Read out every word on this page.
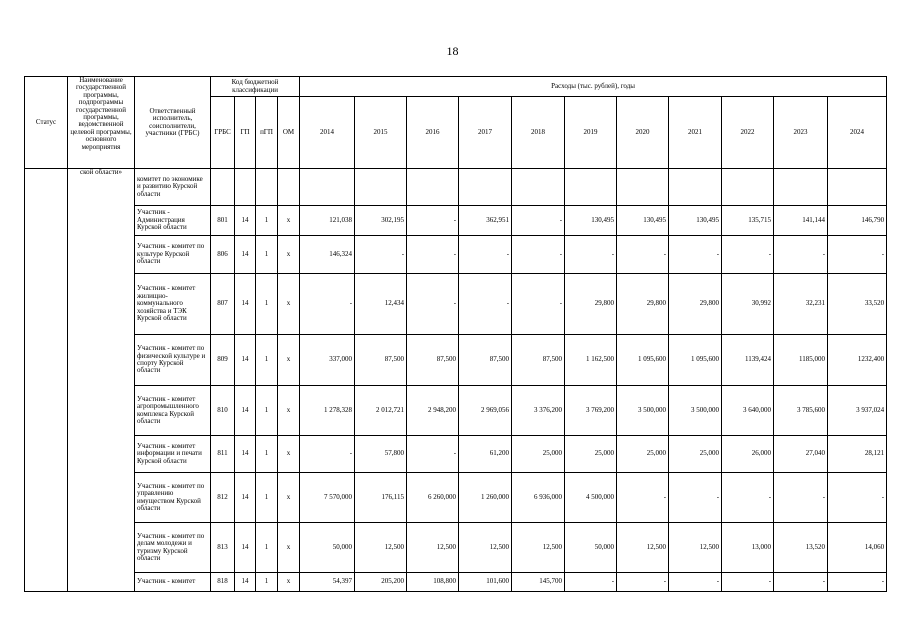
18
Статус	Наименование государственной программы, подпрограммы государственной программы, ведомственной целевой программы, основного мероприятия	Ответственный исполнитель, соисполнители, участники (ГРБС)	Код бюджетной классификации				Расходы (тыс. рублей), годы										
			ГРБС	ГП	пГП	ОМ	2014	2015	2016	2017	2018	2019	2020	2021	2022	2023	2024
	ской области»	комитет по экономике и развитию Курской области															
		Участник - Администрация Курской области	801	14	1	х	121,038	302,195	-	362,951	-	130,495	130,495	130,495	135,715	141,144	146,790
		Участник - комитет по культуре Курской области	806	14	1	х	146,324	-	-	-	-	-	-	-	-	-	-
		Участник - комитет жилищно-коммунального хозяйства и ТЭК Курской области	807	14	1	х	-	12,434	-	-	-	29,800	29,800	29,800	30,992	32,231	33,520
		Участник - комитет по физической культуре и спорту Курской области	809	14	1	х	337,000	87,500	87,500	87,500	87,500	1 162,500	1 095,600	1 095,600	1139,424	1185,000	1232,400
		Участник - комитет агропромышленного комплекса Курской области	810	14	1	х	1 278,328	2 012,721	2 948,200	2 969,056	3 376,200	3 769,200	3 500,000	3 500,000	3 640,000	3 785,600	3 937,024
		Участник - комитет информации и печати Курской области	811	14	1	х	-	57,800	-	61,200	25,000	25,000	25,000	25,000	26,000	27,040	28,121
		Участник - комитет по управлению имуществом Курской области	812	14	1	х	7 570,000	176,115	6 260,000	1 260,000	6 936,000	4 500,000	-	-	-	-	-
		Участник - комитет по делам молодежи и туризму Курской области	813	14	1	х	50,000	12,500	12,500	12,500	12,500	50,000	12,500	12,500	13,000	13,520	14,060
		Участник - комитет	818	14	1	х	54,397	205,200	108,800	101,600	145,700	-	-	-	-	-	-
